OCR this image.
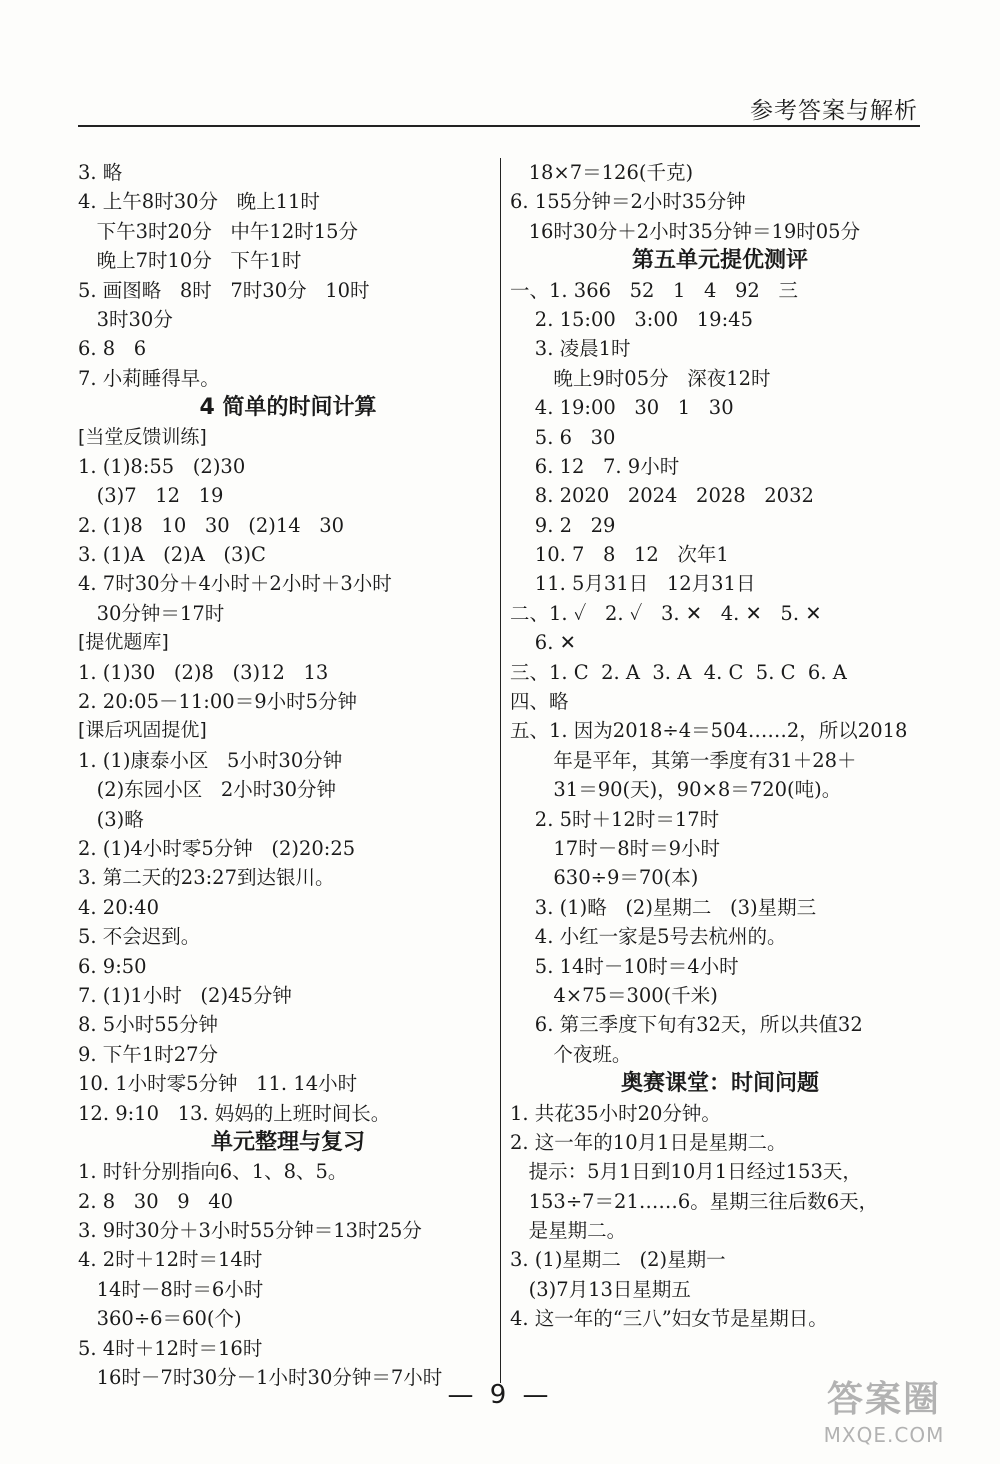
参考答案与解析
3. 略
4. 上午8时30分   晚上11时
下午3时20分   中午12时15分
晚上7时10分   下午1时
5. 画图略   8时   7时30分   10时
3时30分
6. 8   6
7. 小莉睡得早。
4 简单的时间计算
[当堂反馈训练]
1. (1)8:55   (2)30
(3)7   12   19
2. (1)8   10   30   (2)14   30
3. (1)A   (2)A   (3)C
4. 7时30分＋4小时＋2小时＋3小时
30分钟＝17时
[提优题库]
1. (1)30   (2)8   (3)12   13
2. 20:05－11:00＝9小时5分钟
[课后巩固提优]
1. (1)康泰小区   5小时30分钟
(2)东园小区   2小时30分钟
(3)略
2. (1)4小时零5分钟   (2)20:25
3. 第二天的23:27到达银川。
4. 20:40
5. 不会迟到。
6. 9:50
7. (1)1小时   (2)45分钟
8. 5小时55分钟
9. 下午1时27分
10. 1小时零5分钟   11. 14小时
12. 9:10   13. 妈妈的上班时间长。
单元整理与复习
1. 时针分别指向6、1、8、5。
2. 8   30   9   40
3. 9时30分＋3小时55分钟＝13时25分
4. 2时＋12时＝14时
14时－8时＝6小时
360÷6＝60(个)
5. 4时＋12时＝16时
16时－7时30分－1小时30分钟＝7小时
18×7＝126(千克)
6. 155分钟＝2小时35分钟
16时30分＋2小时35分钟＝19时05分
第五单元提优测评
一、1. 366   52   1   4   92   三
2. 15:00   3:00   19:45
3. 凌晨1时
晚上9时05分   深夜12时
4. 19:00   30   1   30
5. 6   30
6. 12   7. 9小时
8. 2020   2024   2028   2032
9. 2   29
10. 7   8   12   次年1
11. 5月31日   12月31日
二、1. ✓   2. ✓   3. ✕   4. ✕   5. ✕
6. ✕
三、1. C  2. A  3. A  4. C  5. C  6. A
四、略
五、1. 因为2018÷4＝504……2，所以2018
年是平年，其第一季度有31＋28＋
31＝90(天)，90×8＝720(吨)。
2. 5时＋12时＝17时
17时－8时＝9小时
630÷9＝70(本)
3. (1)略   (2)星期二   (3)星期三
4. 小红一家是5号去杭州的。
5. 14时－10时＝4小时
4×75＝300(千米)
6. 第三季度下旬有32天，所以共值32
个夜班。
奥赛课堂：时间问题
1. 共花35小时20分钟。
2. 这一年的10月1日是星期二。
提示：5月1日到10月1日经过153天，
153÷7＝21……6。星期三往后数6天，
是星期二。
3. (1)星期二   (2)星期一
(3)7月13日星期五
4. 这一年的“三八”妇女节是星期日。
— 9 —	答案圈
MXQE.COM
